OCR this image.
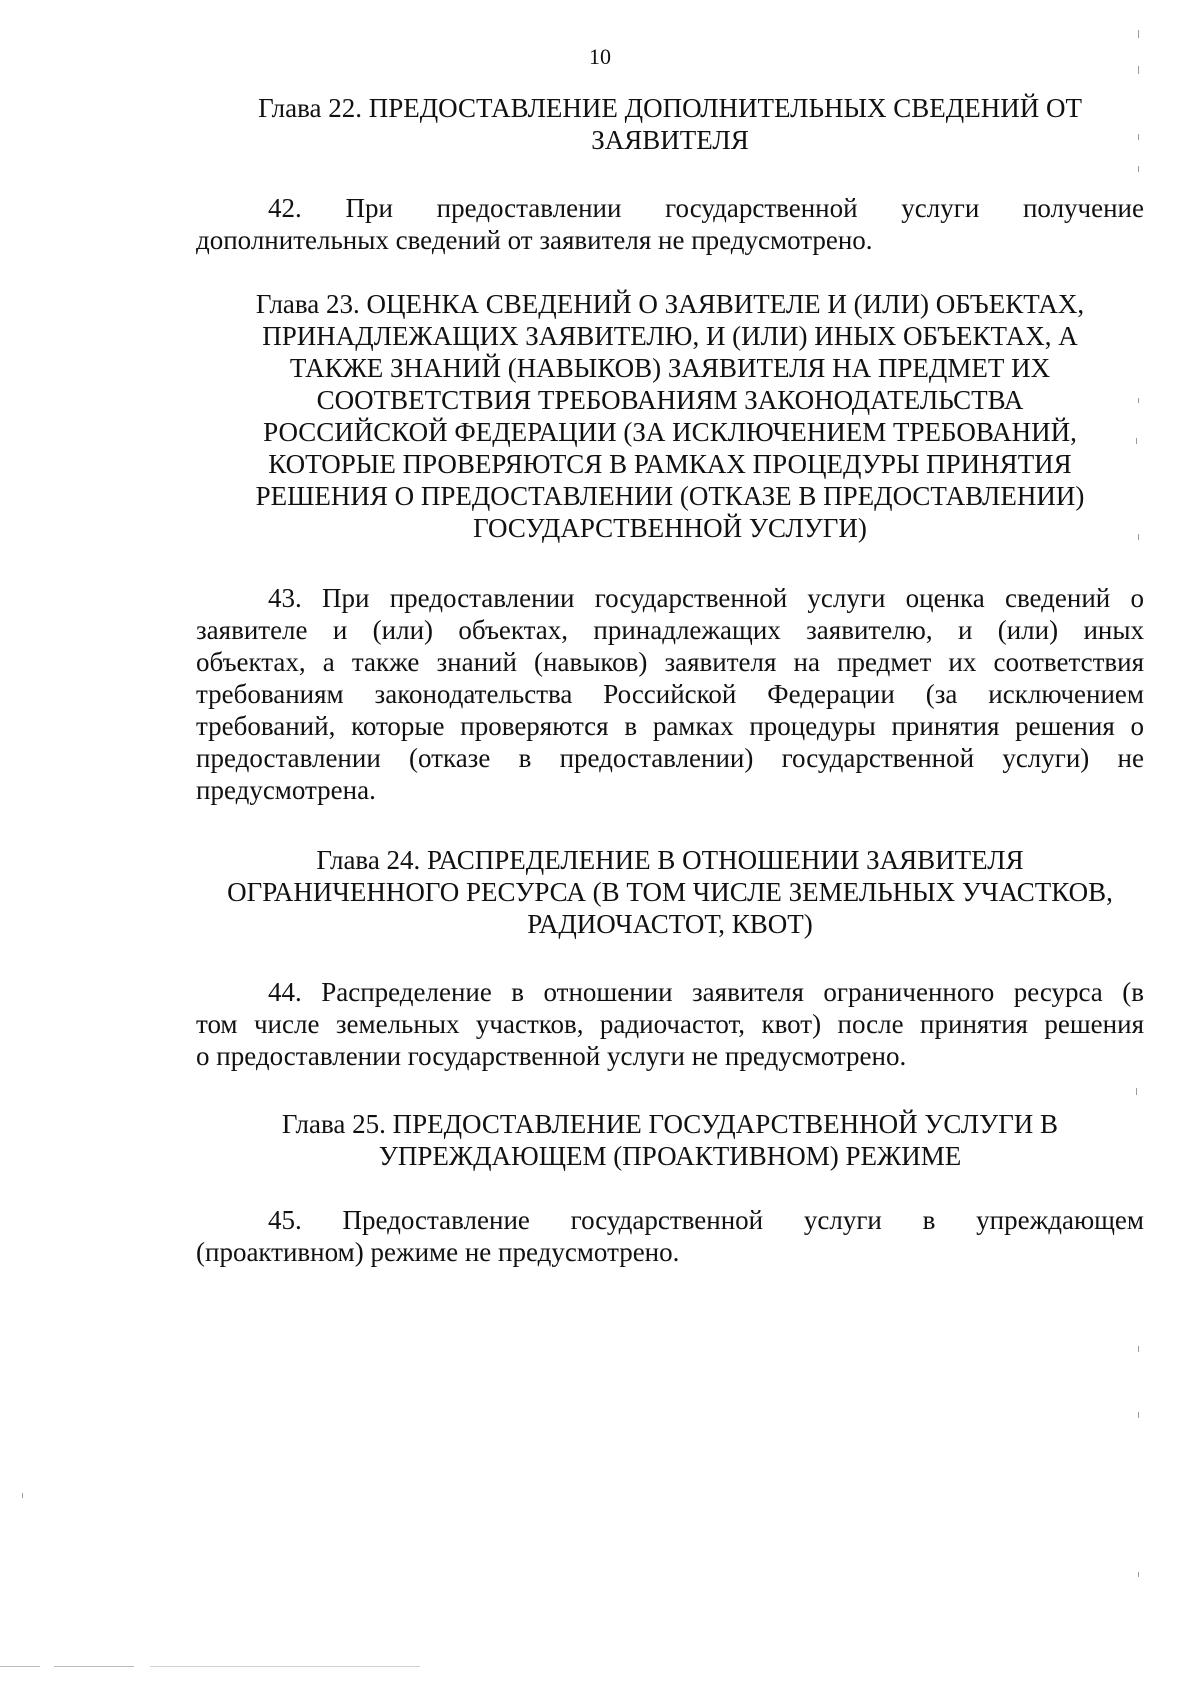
10
Глава 22. ПРЕДОСТАВЛЕНИЕ ДОПОЛНИТЕЛЬНЫХ СВЕДЕНИЙ ОТ
ЗАЯВИТЕЛЯ

42. При предоставлении государственной услуги получение
дополнительных сведений от заявителя не предусмотрено.

Глава 23. ОЦЕНКА СВЕДЕНИЙ О ЗАЯВИТЕЛЕ И (ИЛИ) ОБЪЕКТАХ,
ПРИНАДЛЕЖАЩИХ ЗАЯВИТЕЛЮ, И (ИЛИ) ИНЫХ ОБЪЕКТАХ, А
ТАКЖЕ ЗНАНИЙ (НАВЫКОВ) ЗАЯВИТЕЛЯ НА ПРЕДМЕТ ИХ
СООТВЕТСТВИЯ ТРЕБОВАНИЯМ ЗАКОНОДАТЕЛЬСТВА
РОССИЙСКОЙ ФЕДЕРАЦИИ (ЗА ИСКЛЮЧЕНИЕМ ТРЕБОВАНИЙ,
КОТОРЫЕ ПРОВЕРЯЮТСЯ В РАМКАХ ПРОЦЕДУРЫ ПРИНЯТИЯ
РЕШЕНИЯ О ПРЕДОСТАВЛЕНИИ (ОТКАЗЕ В ПРЕДОСТАВЛЕНИИ)
ГОСУДАРСТВЕННОЙ УСЛУГИ)

43. При предоставлении государственной услуги оценка сведений о
заявителе и (или) объектах, принадлежащих заявителю, и (или) иных
объектах, а также знаний (навыков) заявителя на предмет их соответствия
требованиям законодательства Российской Федерации (за исключением
требований, которые проверяются в рамках процедуры принятия решения о
предоставлении (отказе в предоставлении) государственной услуги) не
предусмотрена.

Глава 24. РАСПРЕДЕЛЕНИЕ В ОТНОШЕНИИ ЗАЯВИТЕЛЯ
ОГРАНИЧЕННОГО РЕСУРСА (В ТОМ ЧИСЛЕ ЗЕМЕЛЬНЫХ УЧАСТКОВ,
РАДИОЧАСТОТ, КВОТ)

44. Распределение в отношении заявителя ограниченного ресурса (в
том числе земельных участков, радиочастот, квот) после принятия решения
о предоставлении государственной услуги не предусмотрено.

Глава 25. ПРЕДОСТАВЛЕНИЕ ГОСУДАРСТВЕННОЙ УСЛУГИ В
УПРЕЖДАЮЩЕМ (ПРОАКТИВНОМ) РЕЖИМЕ

45. Предоставление государственной услуги в упреждающем
(проактивном) режиме не предусмотрено.
